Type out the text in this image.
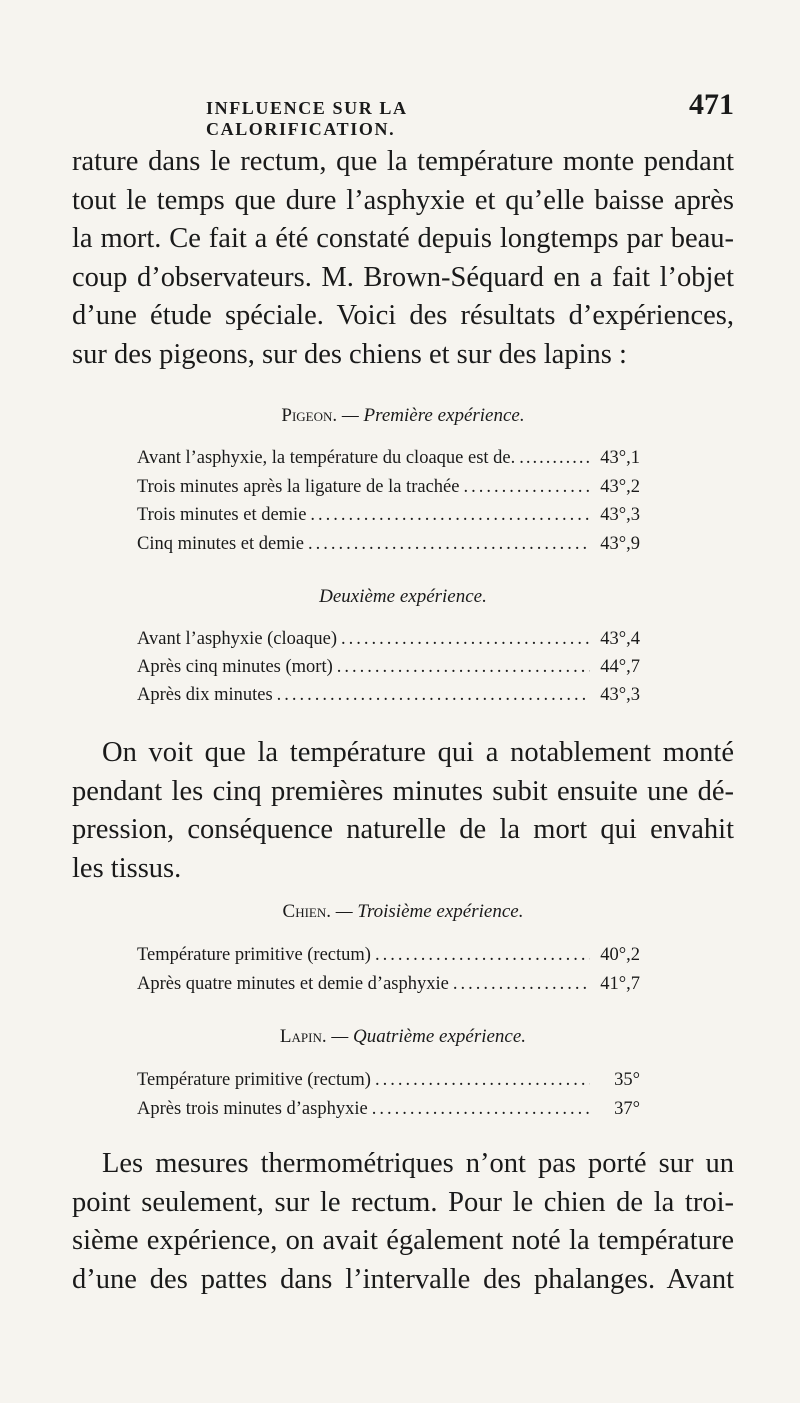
INFLUENCE SUR LA CALORIFICATION.
471
rature dans le rectum, que la température monte pendant
tout le temps que dure l’asphyxie et qu’elle baisse après
la mort. Ce fait a été constaté depuis longtemps par beau-
coup d’observateurs. M. Brown-Séquard en a fait l’objet
d’une étude spéciale. Voici des résultats d’expériences,
sur des pigeons, sur des chiens et sur des lapins :
Pigeon. — Première expérience.
Avant l’asphyxie, la température du cloaque est de. .....	43°,1
Trois minutes après la ligature de la trachée .....	43°,2
Trois minutes et demie .....	43°,3
Cinq minutes et demie .....	43°,9
Deuxième expérience.
Avant l’asphyxie (cloaque) .....	43°,4
Après cinq minutes (mort) .....	44°,7
Après dix minutes .....	43°,3
On voit que la température qui a notablement monté
pendant les cinq premières minutes subit ensuite une dé-
pression, conséquence naturelle de la mort qui envahit
les tissus.
Chien. — Troisième expérience.
Température primitive (rectum) .....	40°,2
Après quatre minutes et demie d’asphyxie .....	41°,7
Lapin. — Quatrième expérience.
Température primitive (rectum) .....	35°
Après trois minutes d’asphyxie .....	37°
Les mesures thermométriques n’ont pas porté sur un
point seulement, sur le rectum. Pour le chien de la troi-
sième expérience, on avait également noté la température
d’une des pattes dans l’intervalle des phalanges. Avant
